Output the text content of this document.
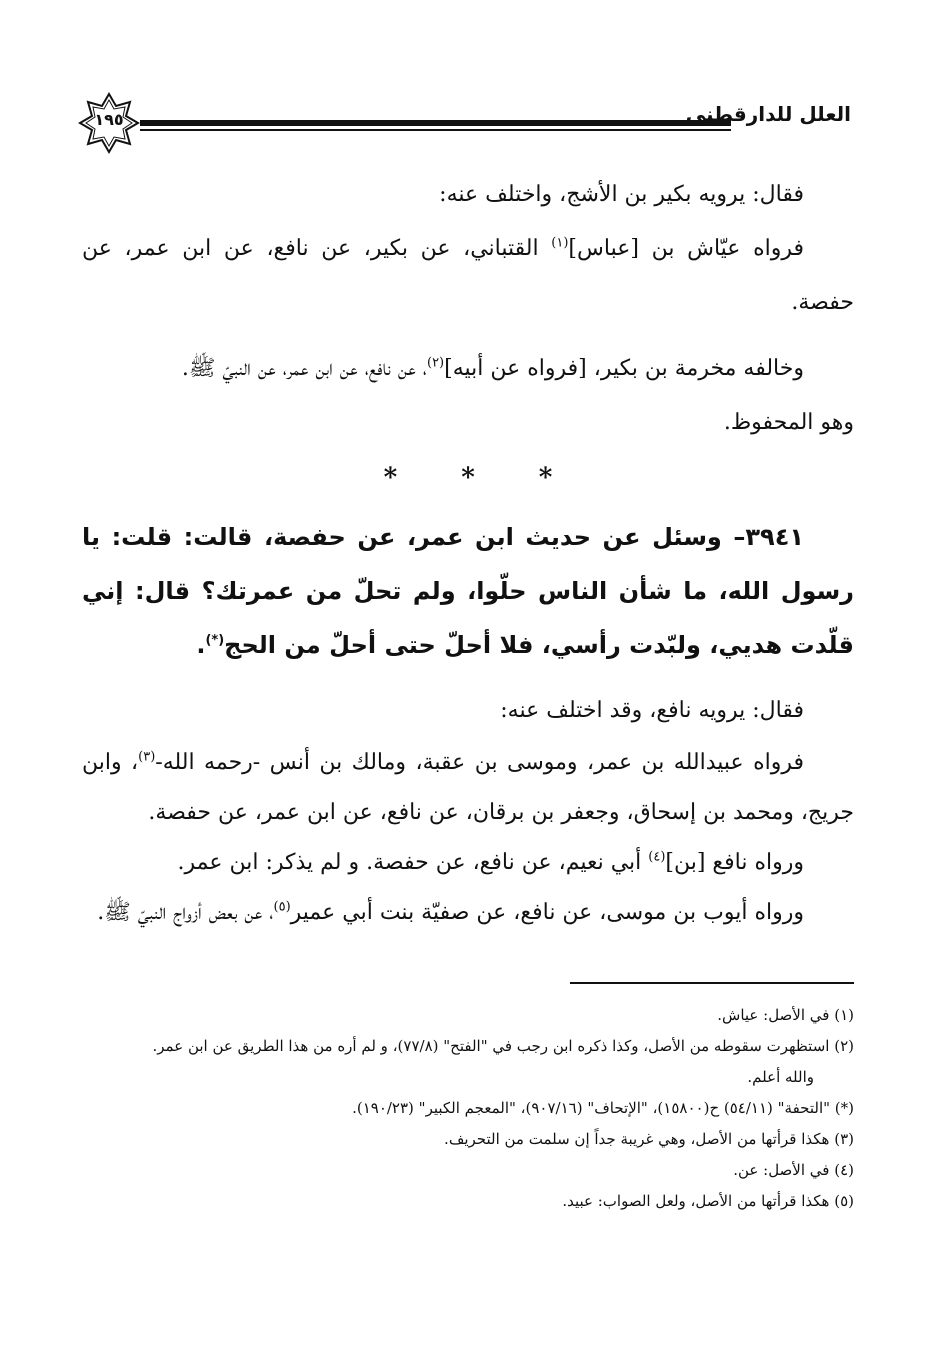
١٩٥	العلل للدارقطني

فقال: يرويه بكير بن الأشج، واختلف عنه:

فرواه عيّاش بن [عباس]$^{(١)}$ القتباني، عن بكير، عن نافع، عن ابن عمر، عن حفصة.

وخالفه مخرمة بن بكير، [فرواه عن أبيه]$^{(٢)}$، عن نافع، عن ابن عمر، عن النبيّ ﷺ.

وهو المحفوظ.

* * *

٣٩٤١– وسئل عن حديث ابن عمر، عن حفصة، قالت: قلت: يا رسول الله، ما شأن الناس حلّوا، ولم تحلّ من عمرتك؟ قال: إني قلّدت هديي، ولبّدت رأسي، فلا أحلّ حتى أحلّ من الحج(*).

فقال: يرويه نافع، وقد اختلف عنه:

فرواه عبيدالله بن عمر، وموسى بن عقبة، ومالك بن أنس -رحمه الله-$^{(٣)}$، وابن جريج، ومحمد بن إسحاق، وجعفر بن برقان، عن نافع، عن ابن عمر، عن حفصة.

ورواه نافع [بن]$^{(٤)}$ أبي نعيم، عن نافع، عن حفصة. و لم يذكر: ابن عمر.

ورواه أيوب بن موسى، عن نافع، عن صفيّة بنت أبي عمير$^{(٥)}$، عن بعض أزواج النبيّ ﷺ.

(١) في الأصل: عياش.

(٢) استظهرت سقوطه من الأصل، وكذا ذكره ابن رجب في "الفتح" (٧٧/٨)، و لم أره من هذا الطريق عن ابن عمر.

والله أعلم.

(*) "التحفة" (٥٤/١١) ح(١٥٨٠٠)، "الإتحاف" (٩٠٧/١٦)، "المعجم الكبير" (١٩٠/٢٣).

(٣) هكذا قرأتها من الأصل، وهي غريبة جداً إن سلمت من التحريف.

(٤) في الأصل: عن.

(٥) هكذا قرأتها من الأصل، ولعل الصواب: عبيد.
